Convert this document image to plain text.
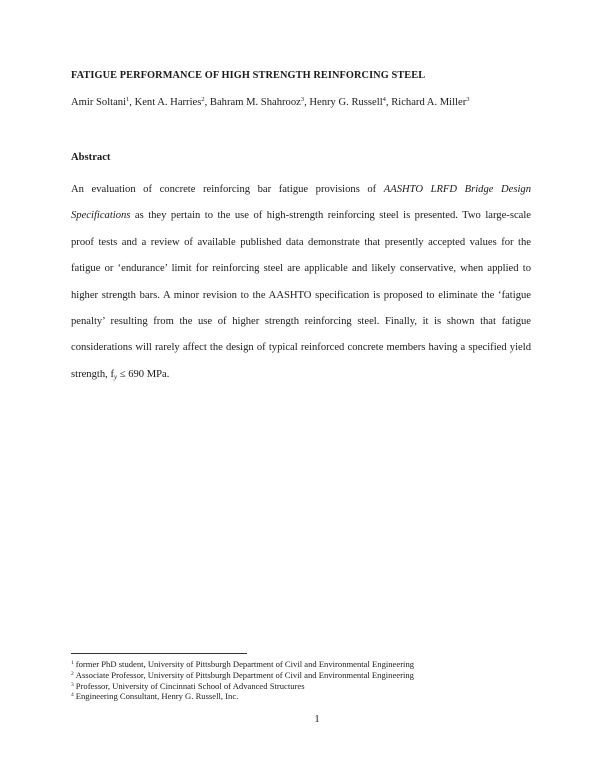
FATIGUE PERFORMANCE OF HIGH STRENGTH REINFORCING STEEL
Amir Soltani$^1$, Kent A. Harries$^2$, Bahram M. Shahrooz$^3$, Henry G. Russell$^4$, Richard A. Miller$^3$
Abstract
An evaluation of concrete reinforcing bar fatigue provisions of AASHTO LRFD Bridge Design Specifications as they pertain to the use of high-strength reinforcing steel is presented. Two large-scale proof tests and a review of available published data demonstrate that presently accepted values for the fatigue or ‘endurance’ limit for reinforcing steel are applicable and likely conservative, when applied to higher strength bars. A minor revision to the AASHTO specification is proposed to eliminate the ‘fatigue penalty’ resulting from the use of higher strength reinforcing steel. Finally, it is shown that fatigue considerations will rarely affect the design of typical reinforced concrete members having a specified yield strength, $f_y \le 690$ MPa.
$^1$ former PhD student, University of Pittsburgh Department of Civil and Environmental Engineering
$^2$ Associate Professor, University of Pittsburgh Department of Civil and Environmental Engineering
$^3$ Professor, University of Cincinnati School of Advanced Structures
$^4$ Engineering Consultant, Henry G. Russell, Inc.
1
